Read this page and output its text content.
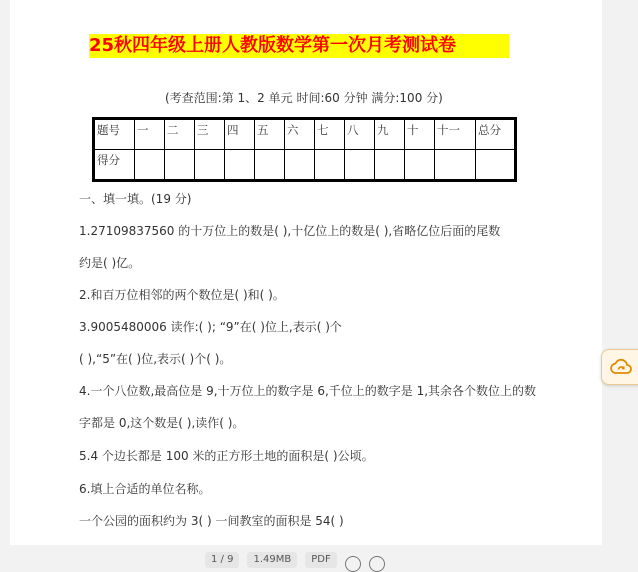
25秋四年级上册人教版数学第一次月考测试卷
(考查范围:第 1、2 单元 时间:60 分钟 满分:100 分)
题号	一	二	三	四	五	六	七	八	九	十	十一	总分
得分												
一、填一填。(19 分)
1.27109837560 的十万位上的数是( ),十亿位上的数是( ),省略亿位后面的尾数
约是( )亿。
2.和百万位相邻的两个数位是( )和( )。
3.9005480006 读作:( ); “9”在( )位上,表示( )个
( ),“5”在( )位,表示( )个( )。
4.一个八位数,最高位是 9,十万位上的数字是 6,千位上的数字是 1,其余各个数位上的数
字都是 0,这个数是( ),读作( )。
5.4 个边长都是 100 米的正方形土地的面积是( )公顷。
6.填上合适的单位名称。
一个公园的面积约为 3( ) 一间教室的面积是 54( )
1 / 9	1.49MB	PDF
